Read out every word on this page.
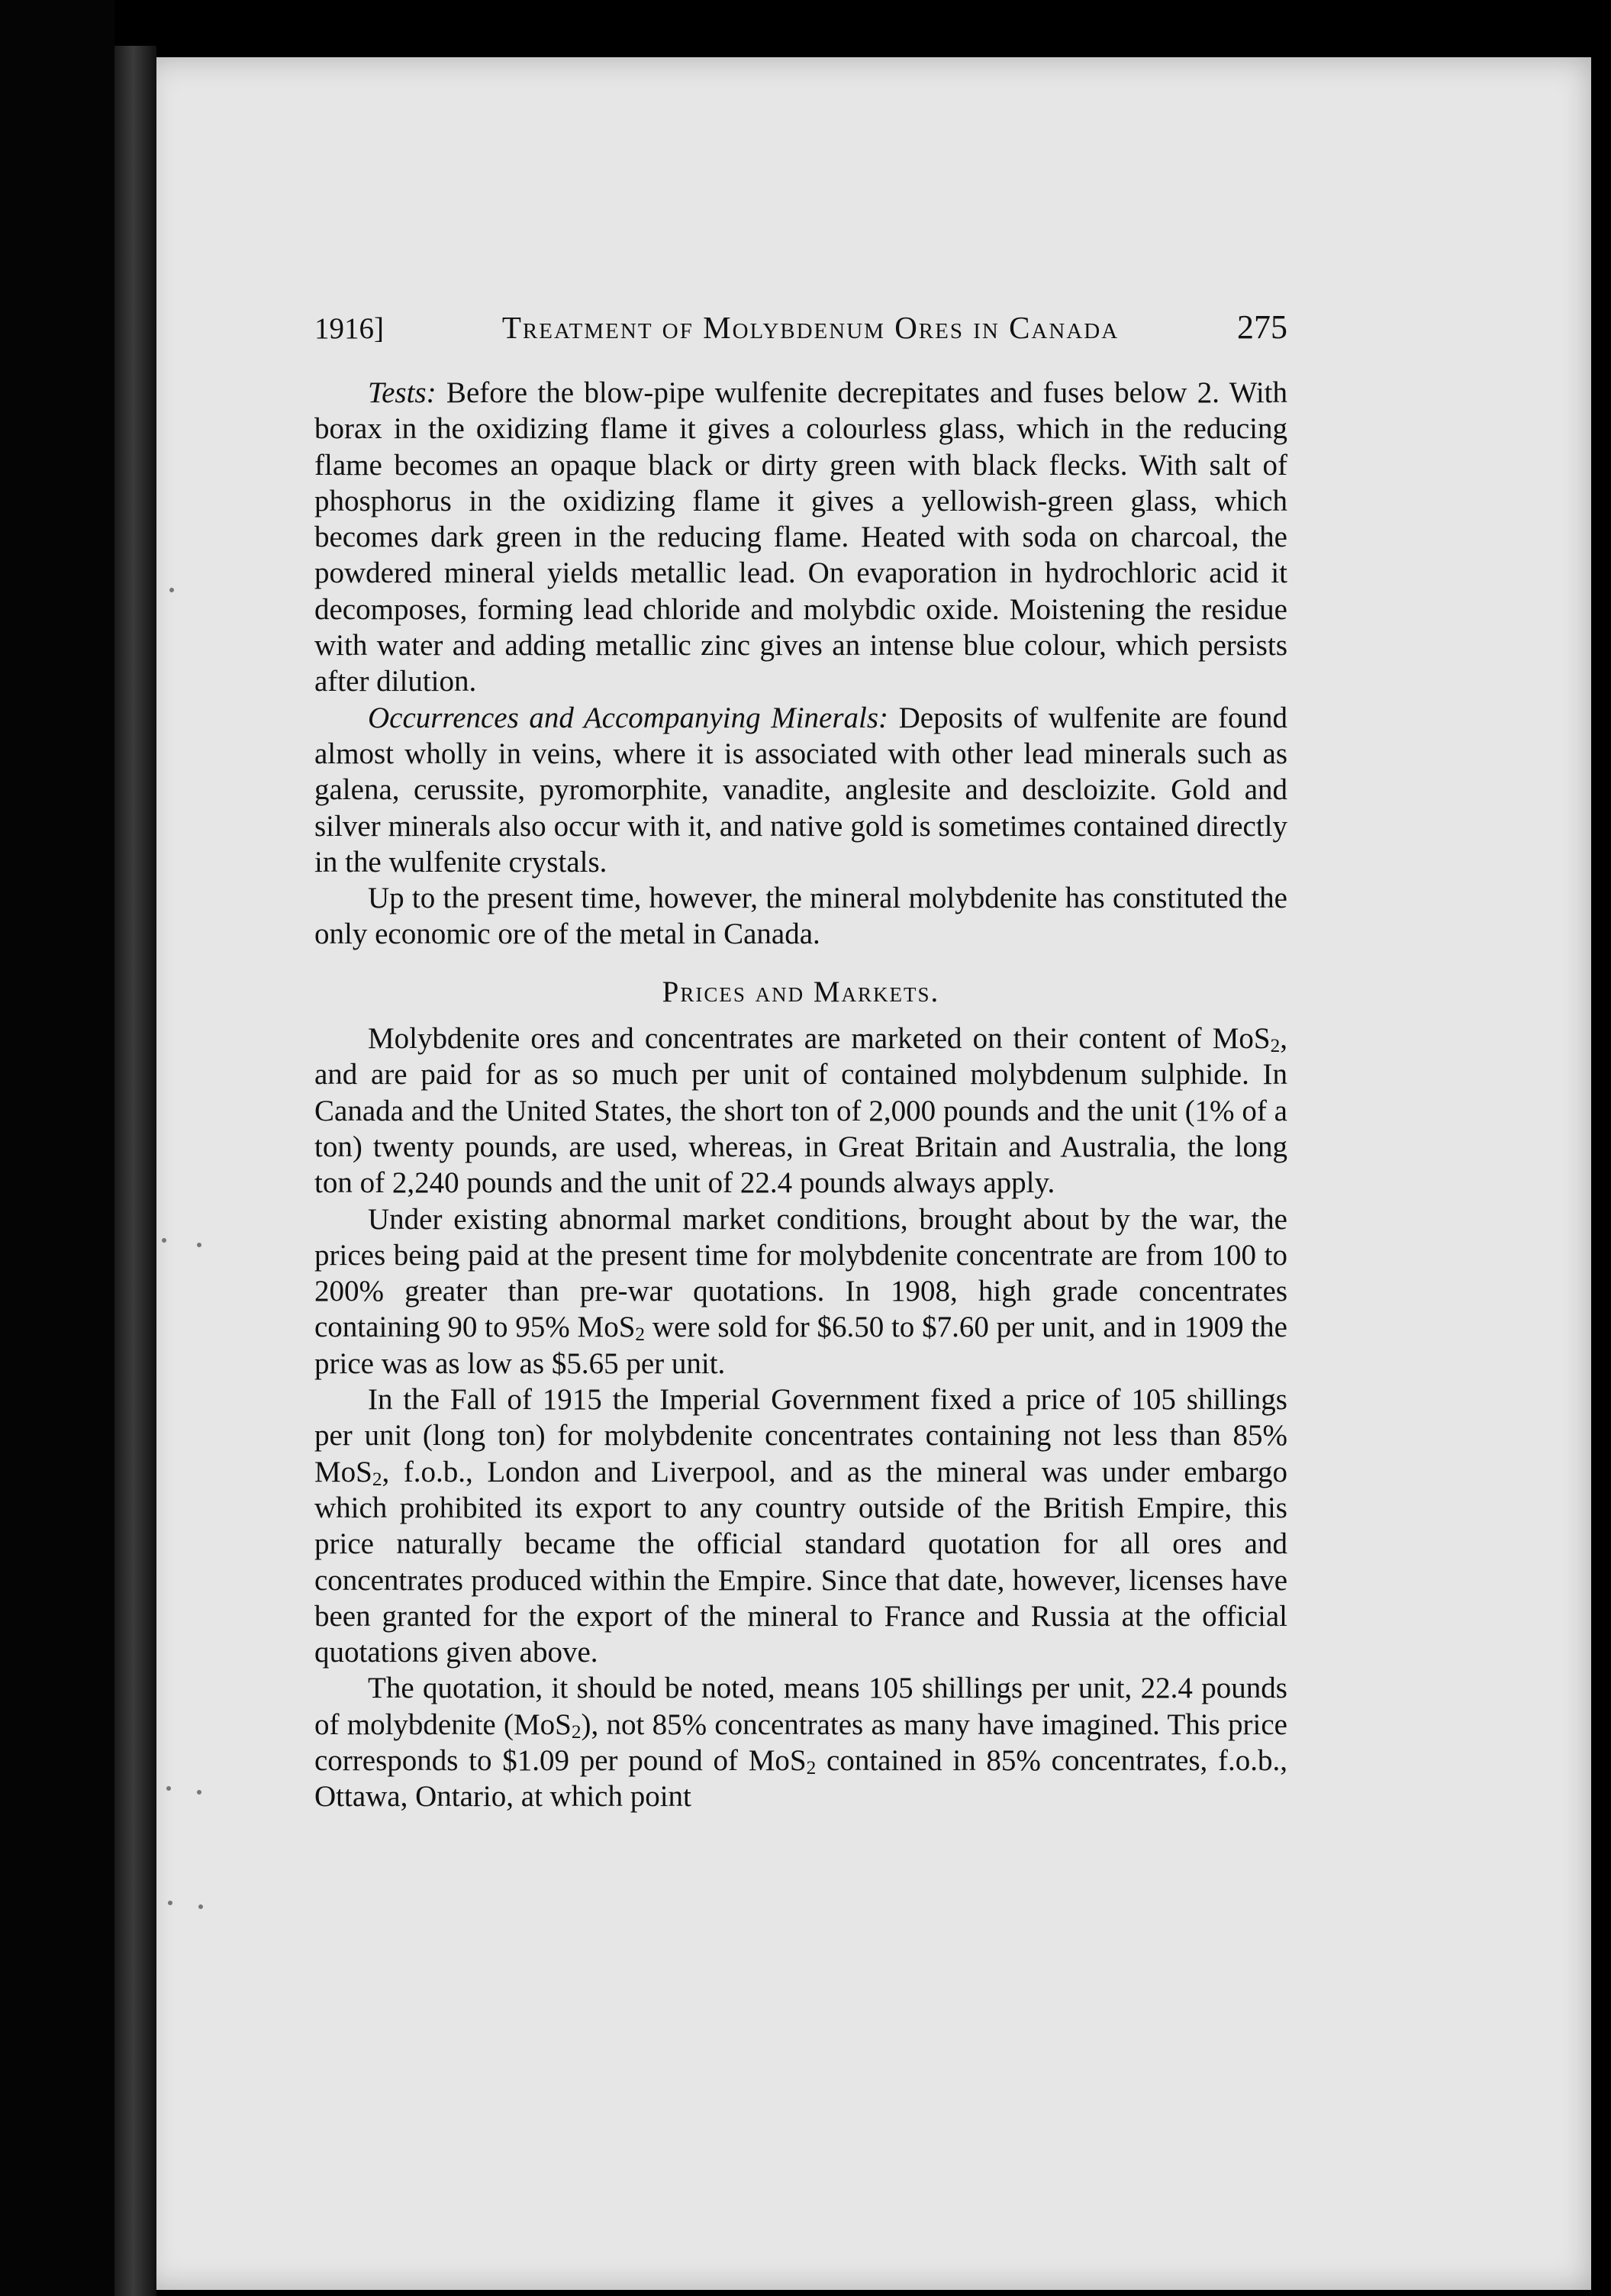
1916]	Treatment of Molybdenum Ores in Canada	275

Tests: Before the blow-pipe wulfenite decrepitates and fuses below 2. With borax in the oxidizing flame it gives a colourless glass, which in the reducing flame becomes an opaque black or dirty green with black flecks. With salt of phosphorus in the oxidizing flame it gives a yellowish-green glass, which becomes dark green in the reducing flame. Heated with soda on charcoal, the powdered mineral yields metallic lead. On evaporation in hydrochloric acid it decomposes, forming lead chloride and molybdic oxide. Moistening the residue with water and adding metallic zinc gives an intense blue colour, which persists after dilution.

Occurrences and Accompanying Minerals: Deposits of wulfenite are found almost wholly in veins, where it is associated with other lead minerals such as galena, cerussite, pyromorphite, vanadite, anglesite and descloizite. Gold and silver minerals also occur with it, and native gold is sometimes contained directly in the wulfenite crystals.

Up to the present time, however, the mineral molybdenite has constituted the only economic ore of the metal in Canada.

Prices and Markets.

Molybdenite ores and concentrates are marketed on their content of MoS$_2$, and are paid for as so much per unit of contained molybdenum sulphide. In Canada and the United States, the short ton of 2,000 pounds and the unit (1% of a ton) twenty pounds, are used, whereas, in Great Britain and Australia, the long ton of 2,240 pounds and the unit of 22.4 pounds always apply.

Under existing abnormal market conditions, brought about by the war, the prices being paid at the present time for molybdenite concentrate are from 100 to 200% greater than pre-war quotations. In 1908, high grade concentrates containing 90 to 95% MoS$_2$ were sold for $6.50 to $7.60 per unit, and in 1909 the price was as low as $5.65 per unit.

In the Fall of 1915 the Imperial Government fixed a price of 105 shillings per unit (long ton) for molybdenite concentrates containing not less than 85% MoS$_2$, f.o.b., London and Liverpool, and as the mineral was under embargo which prohibited its export to any country outside of the British Empire, this price naturally became the official standard quotation for all ores and concentrates produced within the Empire. Since that date, however, licenses have been granted for the export of the mineral to France and Russia at the official quotations given above.

The quotation, it should be noted, means 105 shillings per unit, 22.4 pounds of molybdenite (MoS$_2$), not 85% concentrates as many have imagined. This price corresponds to $1.09 per pound of MoS$_2$ contained in 85% concentrates, f.o.b., Ottawa, Ontario, at which point
